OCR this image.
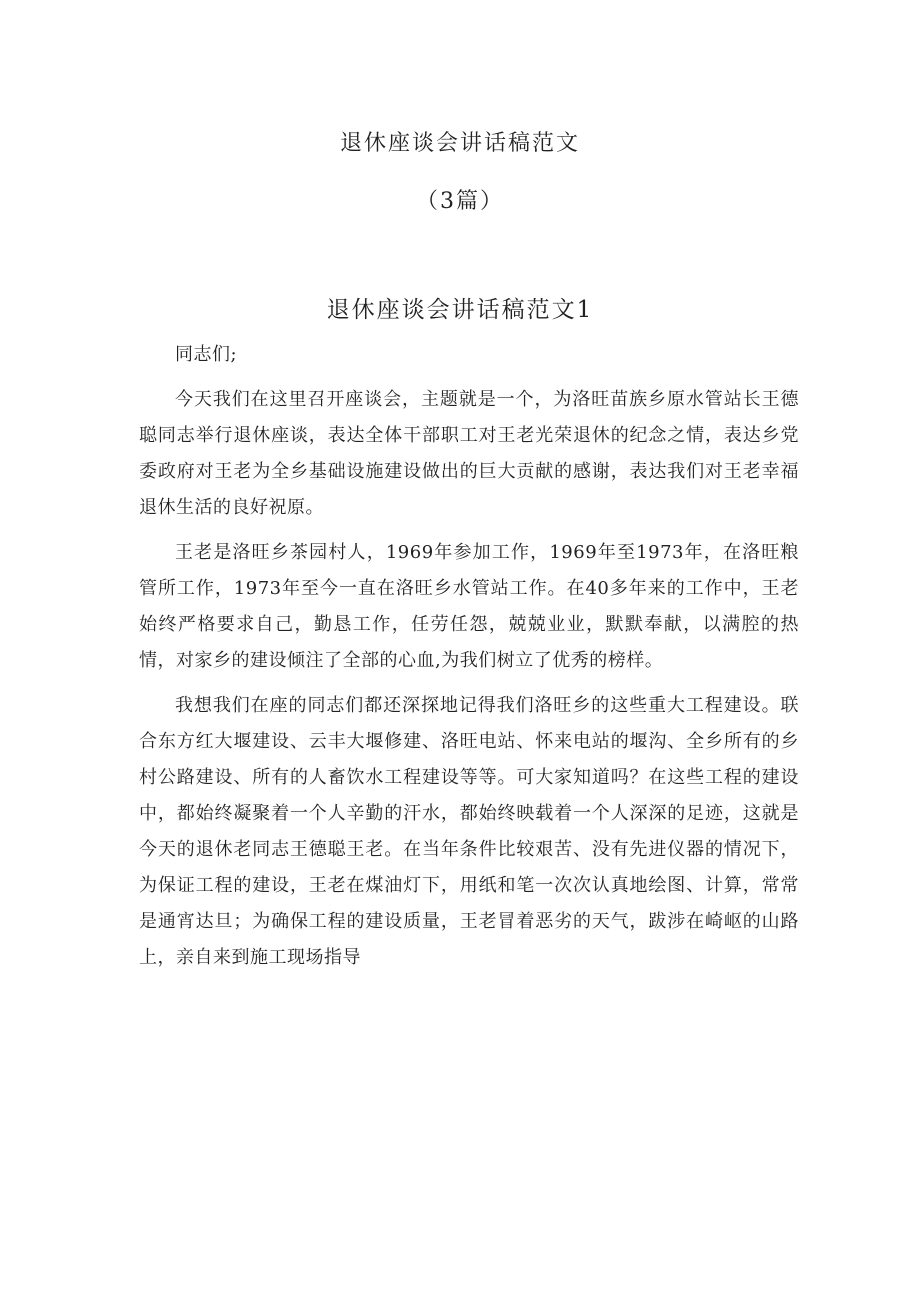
退休座谈会讲话稿范文
（3篇）
退休座谈会讲话稿范文1

同志们;

今天我们在这里召开座谈会，主题就是一个，为洛旺苗族乡原水管站长王德聪同志举行退休座谈，表达全体干部职工对王老光荣退休的纪念之情，表达乡党委政府对王老为全乡基础设施建设做出的巨大贡献的感谢，表达我们对王老幸福退休生活的良好祝原。

王老是洛旺乡茶园村人，1969年参加工作，1969年至1973年，在洛旺粮管所工作，1973年至今一直在洛旺乡水管站工作。在40多年来的工作中，王老始终严格要求自己，勤恳工作，任劳任怨，兢兢业业，默默奉献，以满腔的热情，对家乡的建设倾注了全部的心血,为我们树立了优秀的榜样。

我想我们在座的同志们都还深探地记得我们洛旺乡的这些重大工程建设。联合东方红大堰建设、云丰大堰修建、洛旺电站、怀来电站的堰沟、全乡所有的乡村公路建设、所有的人畜饮水工程建设等等。可大家知道吗？在这些工程的建设中，都始终凝聚着一个人辛勤的汗水，都始终映载着一个人深深的足迹，这就是今天的退休老同志王德聪王老。在当年条件比较艰苦、没有先进仪器的情况下，为保证工程的建设，王老在煤油灯下，用纸和笔一次次认真地绘图、计算，常常是通宵达旦；为确保工程的建设质量，王老冒着恶劣的天气，跋涉在崎岖的山路上，亲自来到施工现场指导
